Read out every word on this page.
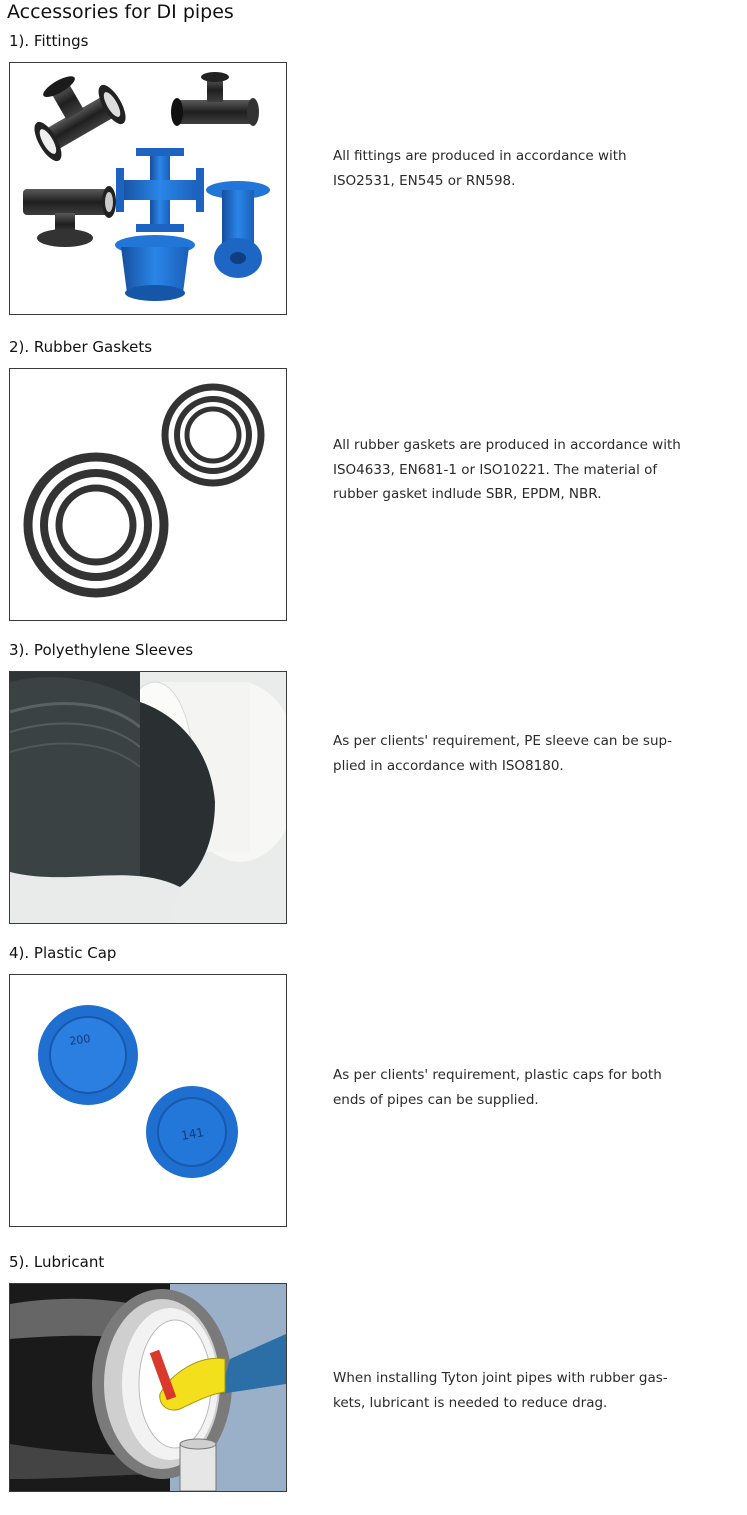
Accessories for DI pipes
1). Fittings
All fittings are produced in accordance with
ISO2531, EN545 or RN598.
2). Rubber Gaskets
All rubber gaskets are produced in accordance with
ISO4633, EN681-1 or ISO10221. The material of
rubber gasket indlude SBR, EPDM, NBR.
3). Polyethylene Sleeves
As per clients' requirement, PE sleeve can be sup-
plied in accordance with ISO8180.
4). Plastic Cap
200
141
As per clients' requirement, plastic caps for both
ends of pipes can be supplied.
5). Lubricant
When installing Tyton joint pipes with rubber gas-
kets, lubricant is needed to reduce drag.
